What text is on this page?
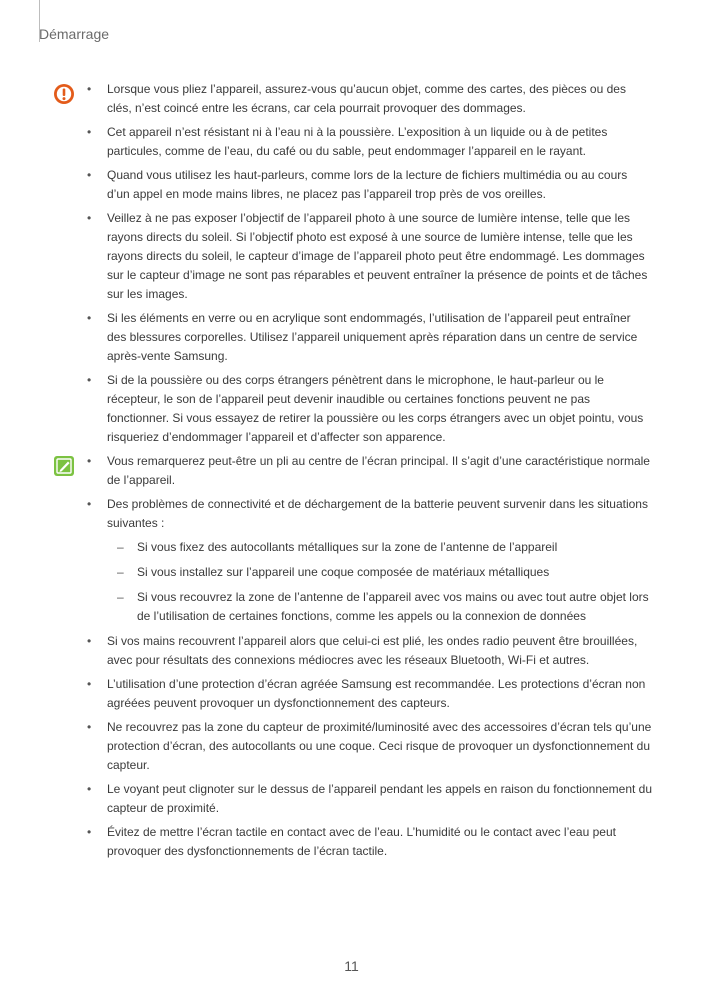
Démarrage
• Lorsque vous pliez l’appareil, assurez-vous qu’aucun objet, comme des cartes, des pièces ou des clés, n’est coincé entre les écrans, car cela pourrait provoquer des dommages.
• Cet appareil n’est résistant ni à l’eau ni à la poussière. L’exposition à un liquide ou à de petites particules, comme de l’eau, du café ou du sable, peut endommager l’appareil en le rayant.
• Quand vous utilisez les haut-parleurs, comme lors de la lecture de fichiers multimédia ou au cours d’un appel en mode mains libres, ne placez pas l’appareil trop près de vos oreilles.
• Veillez à ne pas exposer l’objectif de l’appareil photo à une source de lumière intense, telle que les rayons directs du soleil. Si l’objectif photo est exposé à une source de lumière intense, telle que les rayons directs du soleil, le capteur d’image de l’appareil photo peut être endommagé. Les dommages sur le capteur d’image ne sont pas réparables et peuvent entraîner la présence de points et de tâches sur les images.
• Si les éléments en verre ou en acrylique sont endommagés, l’utilisation de l’appareil peut entraîner des blessures corporelles. Utilisez l’appareil uniquement après réparation dans un centre de service après-vente Samsung.
• Si de la poussière ou des corps étrangers pénètrent dans le microphone, le haut-parleur ou le récepteur, le son de l’appareil peut devenir inaudible ou certaines fonctions peuvent ne pas fonctionner. Si vous essayez de retirer la poussière ou les corps étrangers avec un objet pointu, vous risqueriez d’endommager l’appareil et d’affecter son apparence.
• Vous remarquerez peut-être un pli au centre de l’écran principal. Il s’agit d’une caractéristique normale de l’appareil.
• Des problèmes de connectivité et de déchargement de la batterie peuvent survenir dans les situations suivantes :
– Si vous fixez des autocollants métalliques sur la zone de l’antenne de l’appareil
– Si vous installez sur l’appareil une coque composée de matériaux métalliques
– Si vous recouvrez la zone de l’antenne de l’appareil avec vos mains ou avec tout autre objet lors de l’utilisation de certaines fonctions, comme les appels ou la connexion de données
• Si vos mains recouvrent l’appareil alors que celui-ci est plié, les ondes radio peuvent être brouillées, avec pour résultats des connexions médiocres avec les réseaux Bluetooth, Wi-Fi et autres.
• L’utilisation d’une protection d’écran agréée Samsung est recommandée. Les protections d’écran non agréées peuvent provoquer un dysfonctionnement des capteurs.
• Ne recouvrez pas la zone du capteur de proximité/luminosité avec des accessoires d’écran tels qu’une protection d’écran, des autocollants ou une coque. Ceci risque de provoquer un dysfonctionnement du capteur.
• Le voyant peut clignoter sur le dessus de l’appareil pendant les appels en raison du fonctionnement du capteur de proximité.
• Évitez de mettre l’écran tactile en contact avec de l’eau. L’humidité ou le contact avec l’eau peut provoquer des dysfonctionnements de l’écran tactile.
11
